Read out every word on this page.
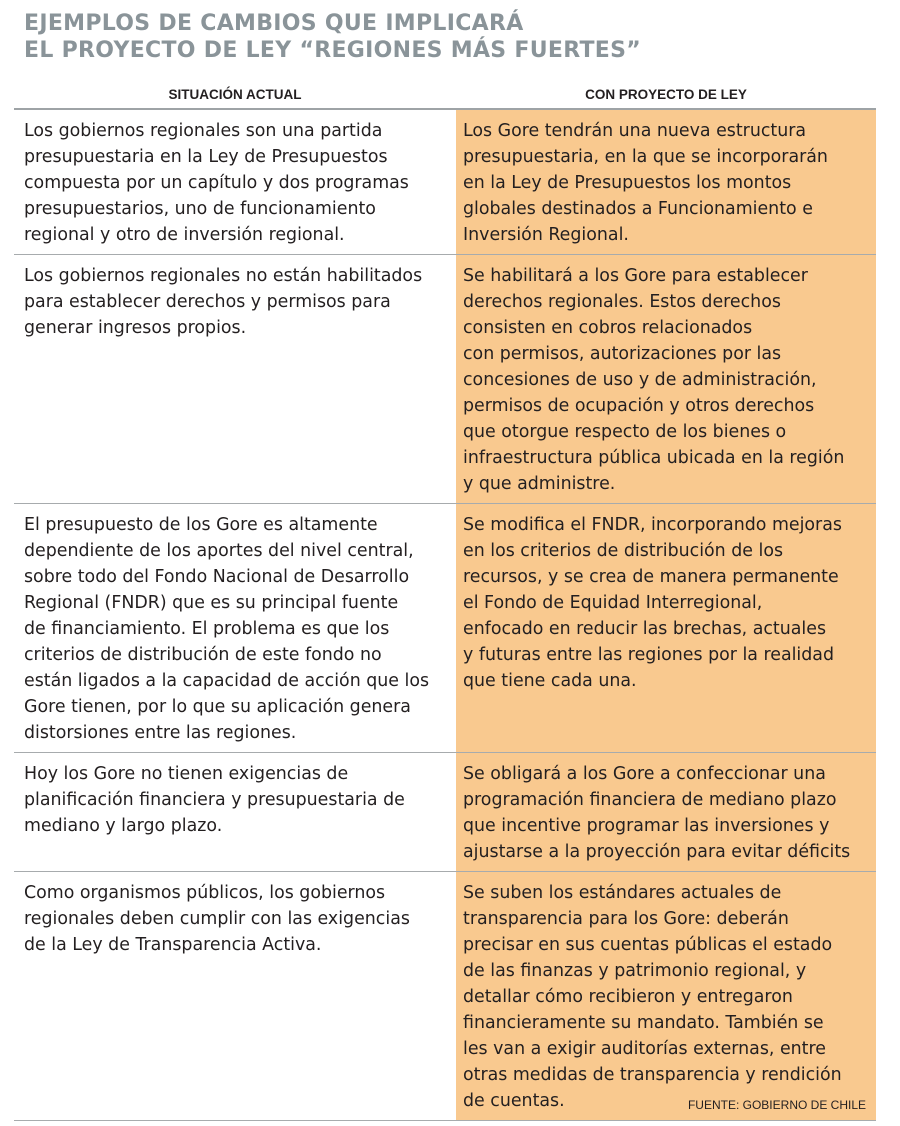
EJEMPLOS DE CAMBIOS QUE IMPLICARÁ
EL PROYECTO DE LEY “REGIONES MÁS FUERTES”
SITUACIÓN ACTUAL	CON PROYECTO DE LEY
Los gobiernos regionales son una partida
presupuestaria en la Ley de Presupuestos
compuesta por un capítulo y dos programas
presupuestarios, uno de funcionamiento
regional y otro de inversión regional.
Los Gore tendrán una nueva estructura
presupuestaria, en la que se incorporarán
en la Ley de Presupuestos los montos
globales destinados a Funcionamiento e
Inversión Regional.
Los gobiernos regionales no están habilitados
para establecer derechos y permisos para
generar ingresos propios.
Se habilitará a los Gore para establecer
derechos regionales. Estos derechos
consisten en cobros relacionados
con permisos, autorizaciones por las
concesiones de uso y de administración,
permisos de ocupación y otros derechos
que otorgue respecto de los bienes o
infraestructura pública ubicada en la región
y que administre.
El presupuesto de los Gore es altamente
dependiente de los aportes del nivel central,
sobre todo del Fondo Nacional de Desarrollo
Regional (FNDR) que es su principal fuente
de financiamiento. El problema es que los
criterios de distribución de este fondo no
están ligados a la capacidad de acción que los
Gore tienen, por lo que su aplicación genera
distorsiones entre las regiones.
Se modifica el FNDR, incorporando mejoras
en los criterios de distribución de los
recursos, y se crea de manera permanente
el Fondo de Equidad Interregional,
enfocado en reducir las brechas, actuales
y futuras entre las regiones por la realidad
que tiene cada una.
Hoy los Gore no tienen exigencias de
planificación financiera y presupuestaria de
mediano y largo plazo.
Se obligará a los Gore a confeccionar una
programación financiera de mediano plazo
que incentive programar las inversiones y
ajustarse a la proyección para evitar déficits
Como organismos públicos, los gobiernos
regionales deben cumplir con las exigencias
de la Ley de Transparencia Activa.
Se suben los estándares actuales de
transparencia para los Gore: deberán
precisar en sus cuentas públicas el estado
de las finanzas y patrimonio regional, y
detallar cómo recibieron y entregaron
financieramente su mandato. También se
les van a exigir auditorías externas, entre
otras medidas de transparencia y rendición
de cuentas.	FUENTE: GOBIERNO DE CHILE
